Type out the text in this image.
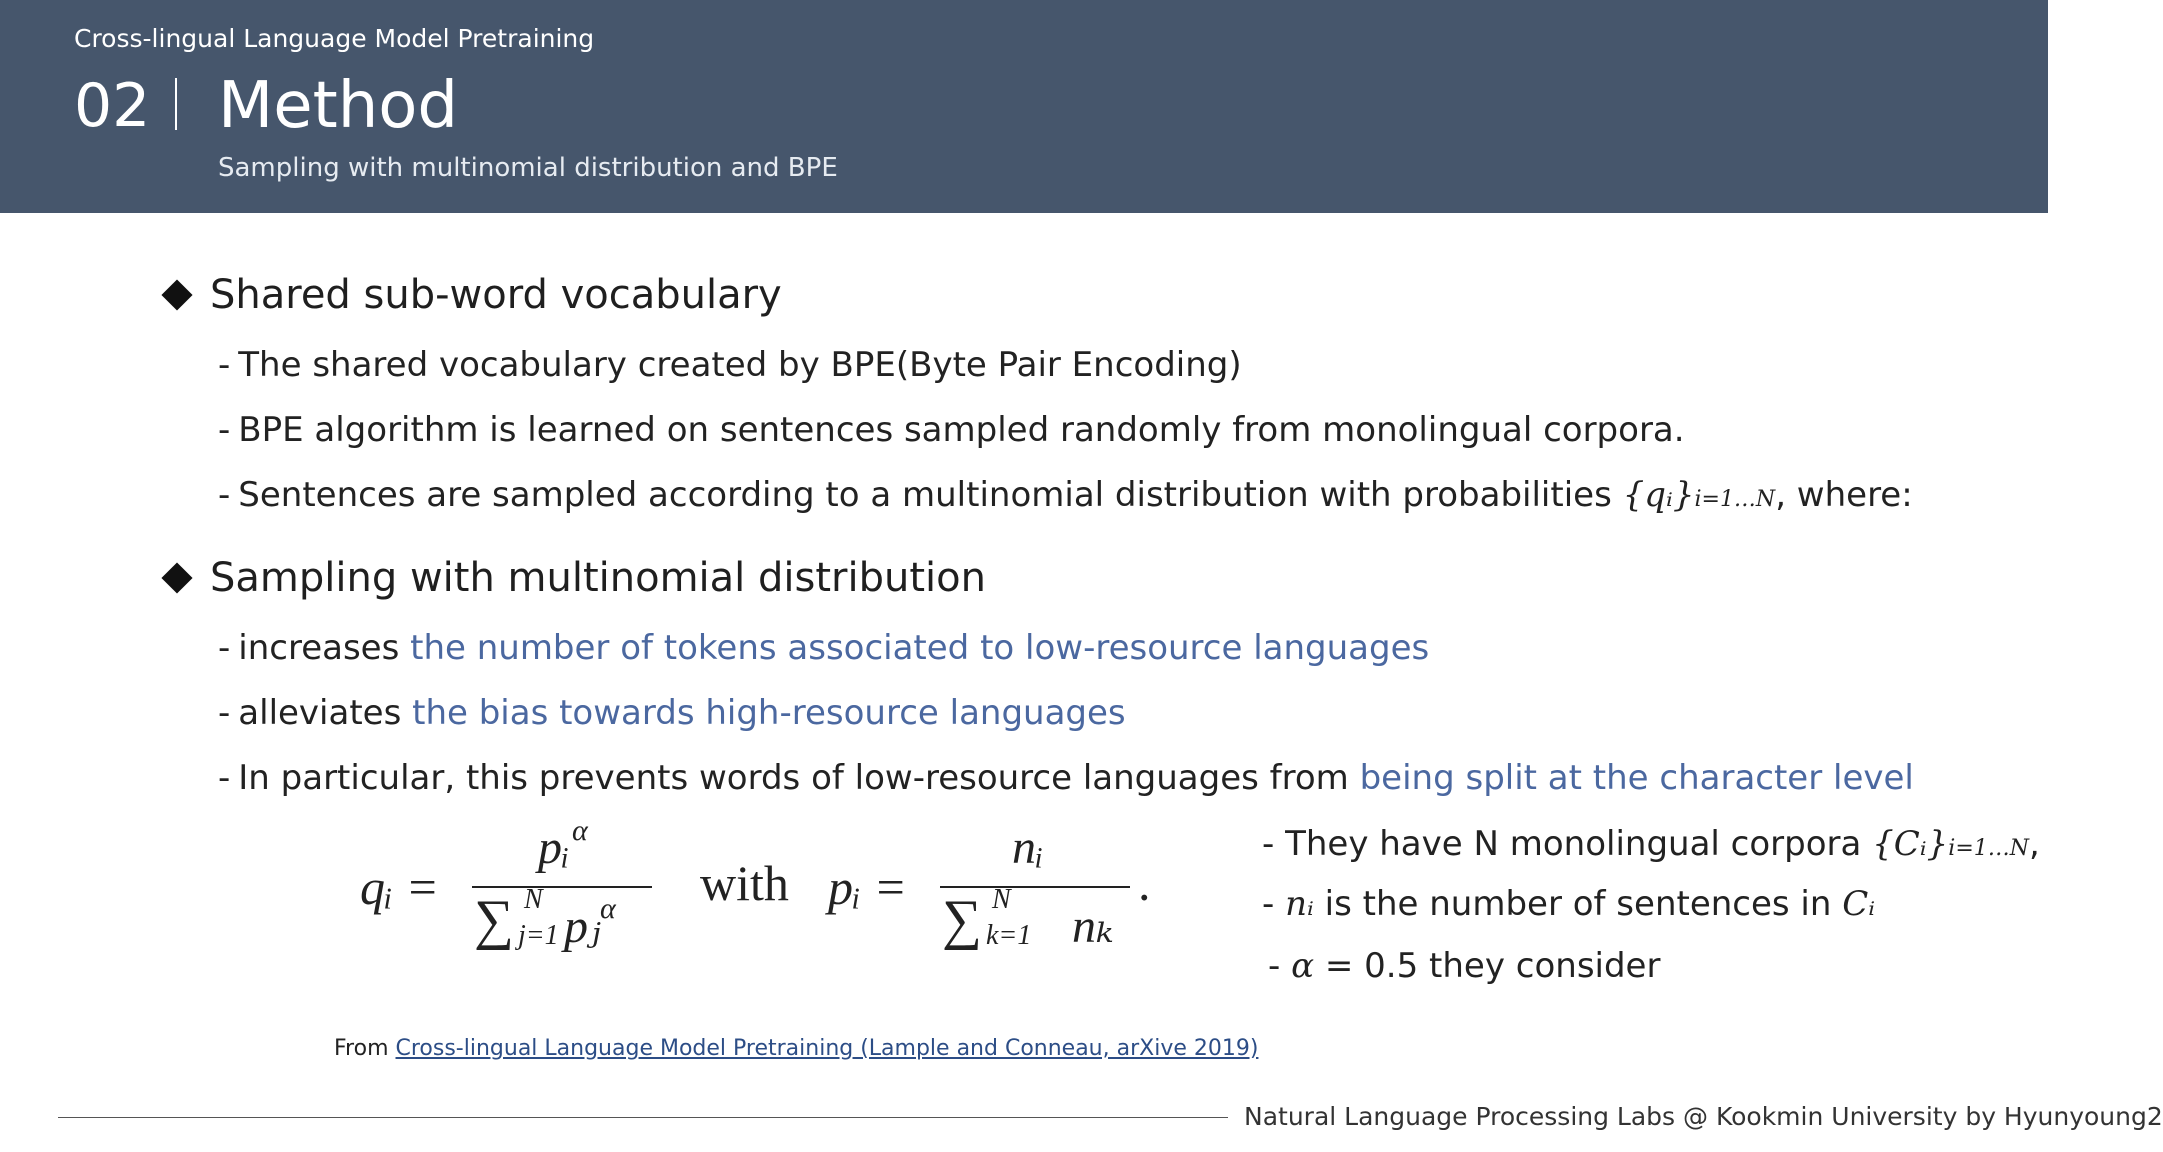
Cross-lingual Language Model Pretraining
02 Method
Sampling with multinomial distribution and BPE
Shared sub-word vocabulary
- The shared vocabulary created by BPE(Byte Pair Encoding)
- BPE algorithm is learned on sentences sampled randomly from monolingual corpora.
- Sentences are sampled according to a multinomial distribution with probabilities {qᵢ}i=1…N, where:
Sampling with multinomial distribution
- increases the number of tokens associated to low-resource languages
- alleviates the bias towards high-resource languages
- In particular, this prevents words of low-resource languages from being split at the character level
qᵢ =
pᵢ α
∑ N
j=1 pⱼ α with pᵢ =
nᵢ
∑ N
k=1 nₖ
.
- They have N monolingual corpora {Cᵢ}i=1…N,
- nᵢ is the number of sentences in Cᵢ
- α = 0.5 they consider
From Cross-lingual Language Model Pretraining (Lample and Conneau, arXive 2019)
Natural Language Processing Labs @ Kookmin University by Hyunyoung2
